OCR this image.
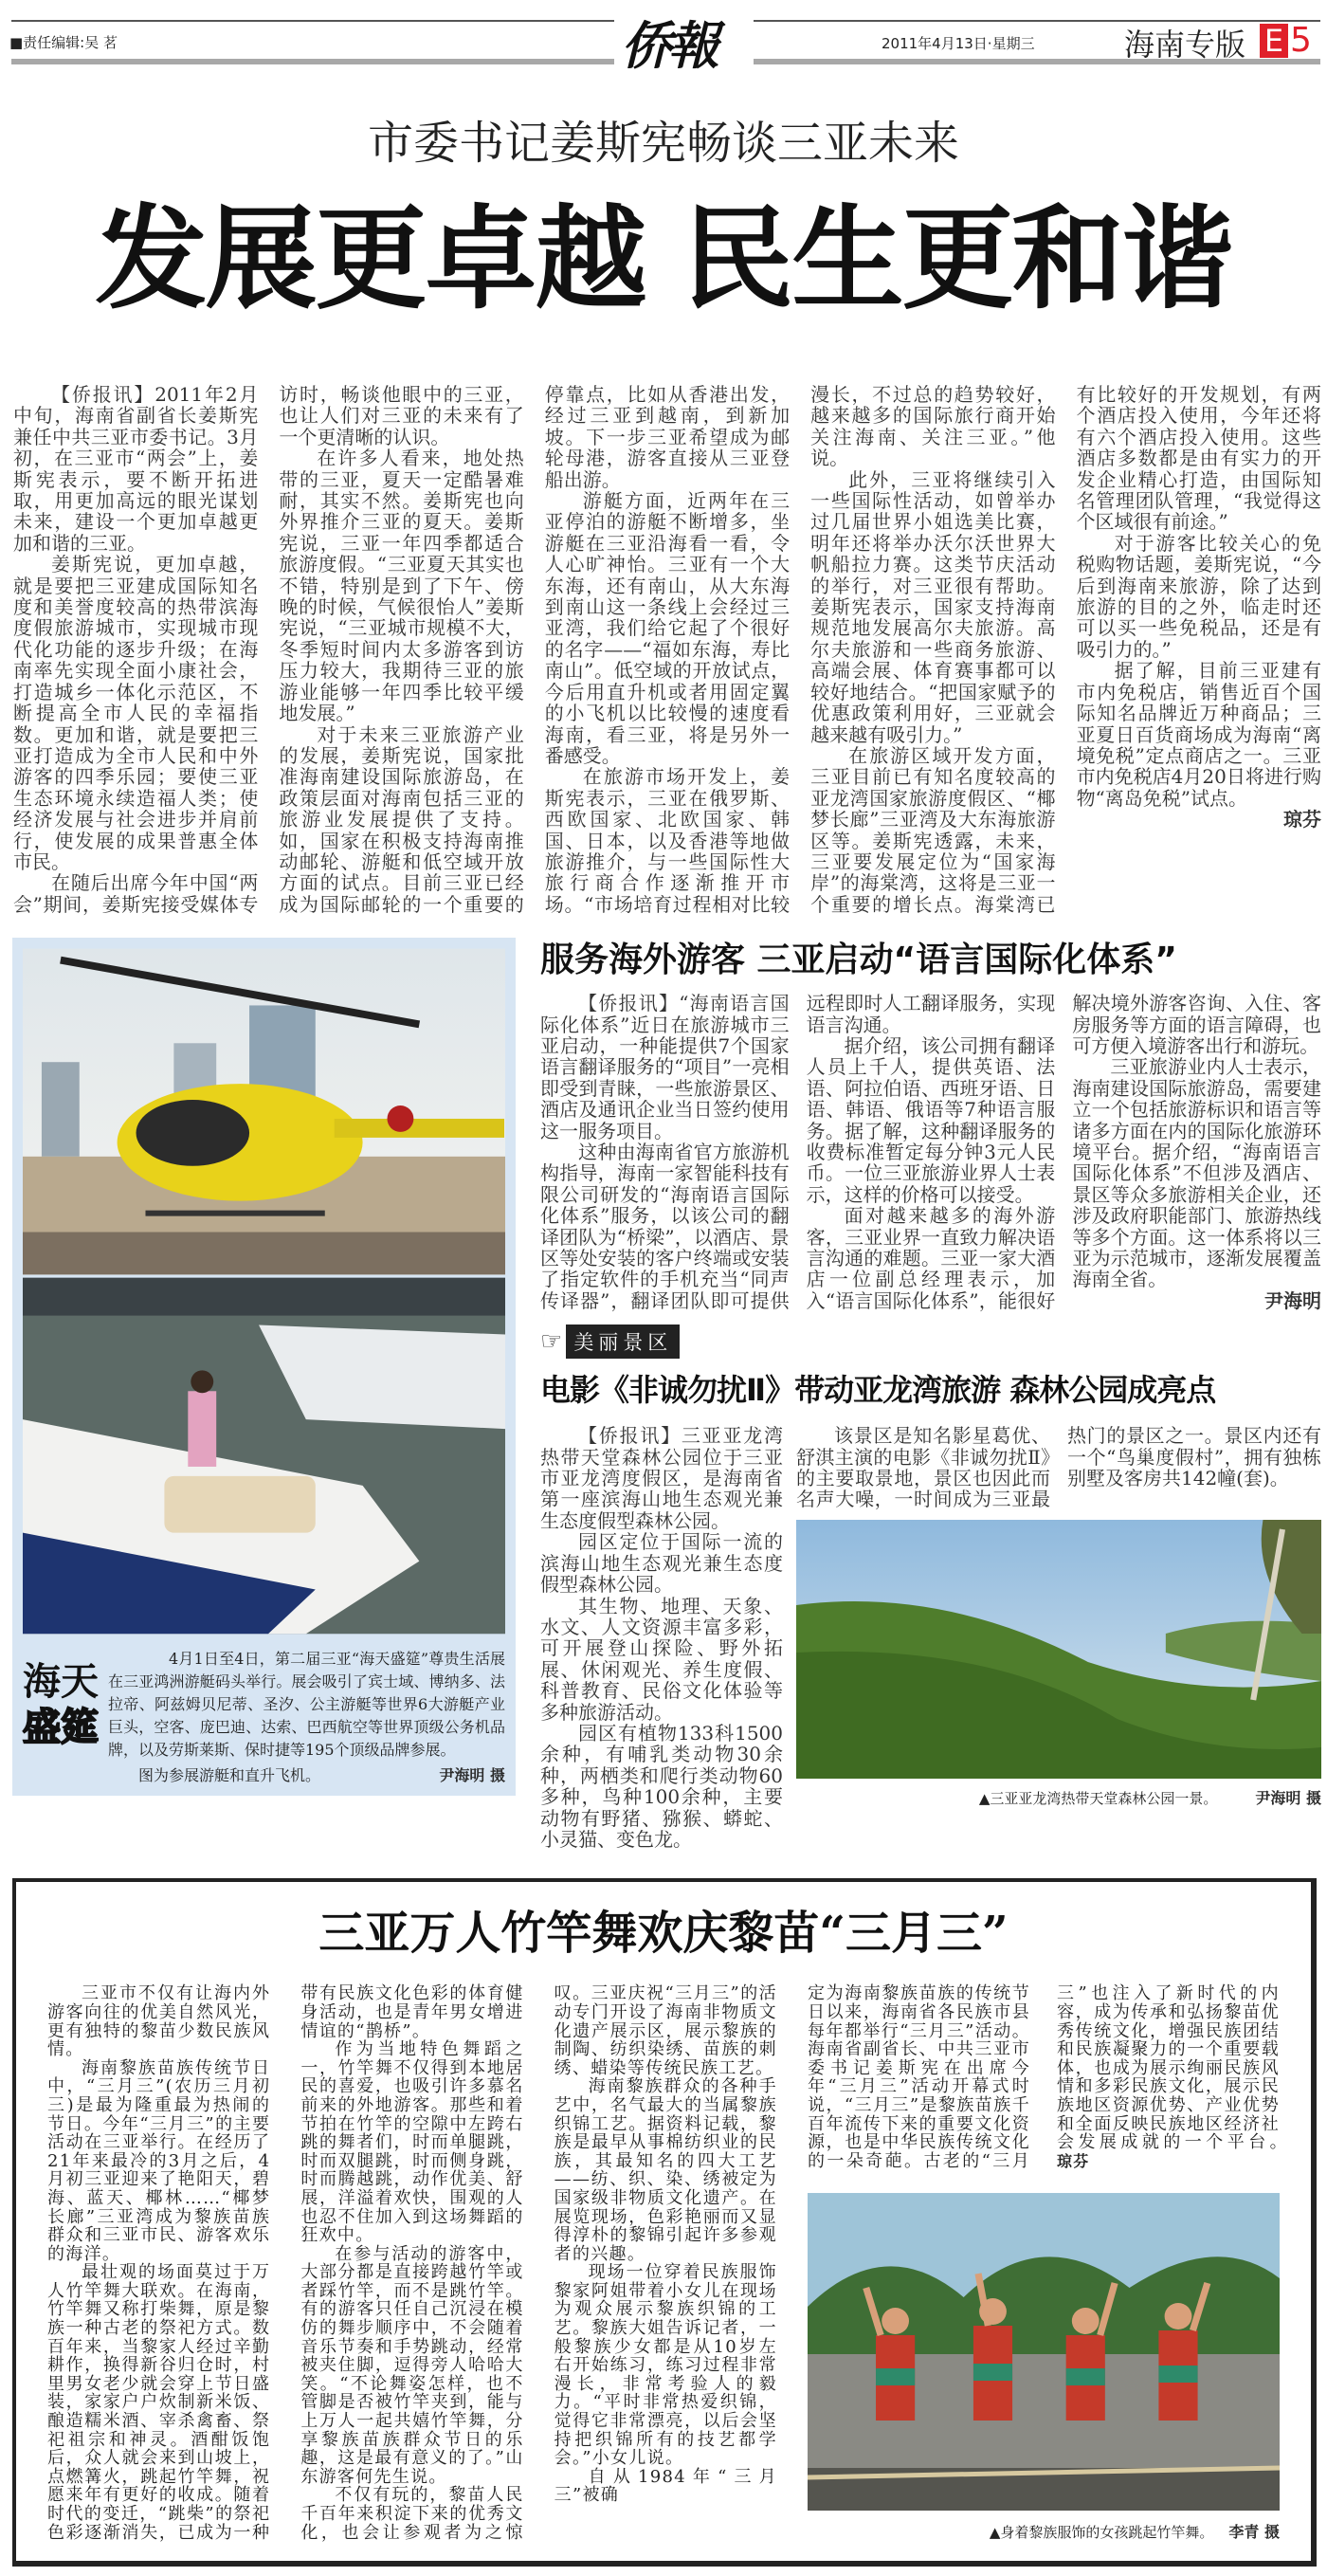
■责任编辑:吴 茗	侨報	2011年4月13日·星期三	海南专版 E 5
市委书记姜斯宪畅谈三亚未来
发展更卓越 民生更和谐

【侨报讯】2011年2月中旬，海南省副省长姜斯宪兼任中共三亚市委书记。3月初，在三亚市“两会”上，姜斯宪表示，要不断开拓进取，用更加高远的眼光谋划未来，建设一个更加卓越更加和谐的三亚。

姜斯宪说，更加卓越，就是要把三亚建成国际知名度和美誉度较高的热带滨海度假旅游城市，实现城市现代化功能的逐步升级；在海南率先实现全面小康社会，打造城乡一体化示范区，不断提高全市人民的幸福指数。更加和谐，就是要把三亚打造成为全市人民和中外游客的四季乐园；要使三亚生态环境永续造福人类；使经济发展与社会进步并肩前行，使发展的成果普惠全体市民。

在随后出席今年中国“两会”期间，姜斯宪接受媒体专访时，畅谈他眼中的三亚，也让人们对三亚的未来有了一个更清晰的认识。

在许多人看来，地处热带的三亚，夏天一定酷暑难耐，其实不然。姜斯宪也向外界推介三亚的夏天。姜斯宪说，三亚一年四季都适合旅游度假。“三亚夏天其实也不错，特别是到了下午、傍晚的时候，气候很怡人”姜斯宪说，“三亚城市规模不大，冬季短时间内太多游客到访压力较大，我期待三亚的旅游业能够一年四季比较平缓地发展。”

对于未来三亚旅游产业的发展，姜斯宪说，国家批准海南建设国际旅游岛，在政策层面对海南包括三亚的旅游业发展提供了支持。如，国家在积极支持海南推动邮轮、游艇和低空域开放方面的试点。目前三亚已经成为国际邮轮的一个重要的停靠点，比如从香港出发，经过三亚到越南，到新加坡。下一步三亚希望成为邮轮母港，游客直接从三亚登船出游。

游艇方面，近两年在三亚停泊的游艇不断增多，坐游艇在三亚沿海看一看，令人心旷神怡。三亚有一个大东海，还有南山，从大东海到南山这一条线上会经过三亚湾，我们给它起了个很好的名字——“福如东海，寿比南山”。低空域的开放试点，今后用直升机或者用固定翼的小飞机以比较慢的速度看海南，看三亚，将是另外一番感受。

在旅游市场开发上，姜斯宪表示，三亚在俄罗斯、西欧国家、北欧国家、韩国、日本，以及香港等地做旅游推介，与一些国际性大旅行商合作逐渐推开市场。“市场培育过程相对比较漫长，不过总的趋势较好，越来越多的国际旅行商开始关注海南、关注三亚。”他说。

此外，三亚将继续引入一些国际性活动，如曾举办过几届世界小姐选美比赛，明年还将举办沃尔沃世界大帆船拉力赛。这类节庆活动的举行，对三亚很有帮助。姜斯宪表示，国家支持海南规范地发展高尔夫旅游。高尔夫旅游和一些商务旅游、高端会展、体育赛事都可以较好地结合。“把国家赋予的优惠政策利用好，三亚就会越来越有吸引力。”

在旅游区域开发方面，三亚目前已有知名度较高的亚龙湾国家旅游度假区、“椰梦长廊”三亚湾及大东海旅游区等。姜斯宪透露，未来，三亚要发展定位为“国家海岸”的海棠湾，这将是三亚一个重要的增长点。海棠湾已有比较好的开发规划，有两个酒店投入使用，今年还将有六个酒店投入使用。这些酒店多数都是由有实力的开发企业精心打造，由国际知名管理团队管理，“我觉得这个区域很有前途。”

对于游客比较关心的免税购物话题，姜斯宪说，“今后到海南来旅游，除了达到旅游的目的之外，临走时还可以买一些免税品，还是有吸引力的。”

据了解，目前三亚建有市内免税店，销售近百个国际知名品牌近万种商品；三亚夏日百货商场成为海南“离境免税”定点商店之一。三亚市内免税店4月20日将进行购物“离岛免税”试点。

琼芬

海天
盛筵
4月1日至4日，第二届三亚“海天盛筵”尊贵生活展在三亚鸿洲游艇码头举行。展会吸引了宾士域、博纳多、法拉帝、阿兹姆贝尼蒂、圣汐、公主游艇等世界6大游艇产业巨头，空客、庞巴迪、达索、巴西航空等世界顶级公务机品牌，以及劳斯莱斯、保时捷等195个顶级品牌参展。
图为参展游艇和直升飞机。	尹海明 摄
服务海外游客 三亚启动“语言国际化体系”

【侨报讯】“海南语言国际化体系”近日在旅游城市三亚启动，一种能提供7个国家语言翻译服务的“项目”一亮相即受到青睐，一些旅游景区、酒店及通讯企业当日签约使用这一服务项目。

这种由海南省官方旅游机构指导，海南一家智能科技有限公司研发的“海南语言国际化体系”服务，以该公司的翻译团队为“桥梁”，以酒店、景区等处安装的客户终端或安装了指定软件的手机充当“同声传译器”，翻译团队即可提供远程即时人工翻译服务，实现语言沟通。

据介绍，该公司拥有翻译人员上千人，提供英语、法语、阿拉伯语、西班牙语、日语、韩语、俄语等7种语言服务。据了解，这种翻译服务的收费标准暂定每分钟3元人民币。一位三亚旅游业界人士表示，这样的价格可以接受。

面对越来越多的海外游客，三亚业界一直致力解决语言沟通的难题。三亚一家大酒店一位副总经理表示，加入“语言国际化体系”，能很好解决境外游客咨询、入住、客房服务等方面的语言障碍，也可方便入境游客出行和游玩。

三亚旅游业内人士表示，海南建设国际旅游岛，需要建立一个包括旅游标识和语言等诸多方面在内的国际化旅游环境平台。据介绍，“海南语言国际化体系”不但涉及酒店、景区等众多旅游相关企业，还涉及政府职能部门、旅游热线等多个方面。这一体系将以三亚为示范城市，逐渐发展覆盖海南全省。

尹海明

☞ 美丽景区
电影《非诚勿扰Ⅱ》带动亚龙湾旅游 森林公园成亮点

【侨报讯】三亚亚龙湾热带天堂森林公园位于三亚市亚龙湾度假区，是海南省第一座滨海山地生态观光兼生态度假型森林公园。

园区定位于国际一流的滨海山地生态观光兼生态度假型森林公园。

其生物、地理、天象、水文、人文资源丰富多彩，可开展登山探险、野外拓展、休闲观光、养生度假、科普教育、民俗文化体验等多种旅游活动。

园区有植物133科1500余种，有哺乳类动物30余种，两栖类和爬行类动物60多种，鸟种100余种，主要动物有野猪、猕猴、蟒蛇、小灵猫、变色龙。

该景区是知名影星葛优、舒淇主演的电影《非诚勿扰Ⅱ》的主要取景地，景区也因此而名声大噪，一时间成为三亚最热门的景区之一。景区内还有一个“鸟巢度假村”，拥有独栋别墅及客房共142幢(套)。

▲三亚亚龙湾热带天堂森林公园一景。	尹海明 摄
三亚万人竹竿舞欢庆黎苗“三月三”

三亚市不仅有让海内外游客向往的优美自然风光，更有独特的黎苗少数民族风情。

海南黎族苗族传统节日中，“三月三”(农历三月初三)是最为隆重最为热闹的节日。今年“三月三”的主要活动在三亚举行。在经历了21年来最冷的3月之后，4月初三亚迎来了艳阳天，碧海、蓝天、椰林……“椰梦长廊”三亚湾成为黎族苗族群众和三亚市民、游客欢乐的海洋。

最壮观的场面莫过于万人竹竿舞大联欢。在海南，竹竿舞又称打柴舞，原是黎族一种古老的祭祀方式。数百年来，当黎家人经过辛勤耕作，换得新谷归仓时，村里男女老少就会穿上节日盛装，家家户户炊制新米饭、酿造糯米酒、宰杀禽畜、祭祀祖宗和神灵。酒酣饭饱后，众人就会来到山坡上，点燃篝火，跳起竹竿舞，祝愿来年有更好的收成。随着时代的变迁，“跳柴”的祭祀色彩逐渐消失，已成为一种带有民族文化色彩的体育健身活动，也是青年男女增进情谊的“鹊桥”。

作为当地特色舞蹈之一，竹竿舞不仅得到本地居民的喜爱，也吸引许多慕名前来的外地游客。那些和着节拍在竹竿的空隙中左跨右跳的舞者们，时而单腿跳，时而双腿跳，时而侧身跳，时而腾越跳，动作优美、舒展，洋溢着欢快，围观的人也忍不住加入到这场舞蹈的狂欢中。

在参与活动的游客中，大部分都是直接跨越竹竿或者踩竹竿，而不是跳竹竿。有的游客只任自己沉浸在模仿的舞步顺序中，不会随着音乐节奏和手势跳动，经常被夹住脚，逗得旁人哈哈大笑。“不论舞姿怎样，也不管脚是否被竹竿夹到，能与上万人一起共嬉竹竿舞，分享黎族苗族群众节日的乐趣，这是最有意义的了。”山东游客何先生说。

不仅有玩的，黎苗人民千百年来积淀下来的优秀文化，也会让参观者为之惊叹。三亚庆祝“三月三”的活动专门开设了海南非物质文化遗产展示区，展示黎族的制陶、纺织染绣、苗族的刺绣、蜡染等传统民族工艺。

海南黎族群众的各种手艺中，名气最大的当属黎族织锦工艺。据资料记载，黎族是最早从事棉纺织业的民族，其最知名的四大工艺——纺、织、染、绣被定为国家级非物质文化遗产。在展览现场，色彩艳丽而又显得淳朴的黎锦引起许多参观者的兴趣。

现场一位穿着民族服饰黎家阿姐带着小女儿在现场为观众展示黎族织锦的工艺。黎族大姐告诉记者，一般黎族少女都是从10岁左右开始练习，练习过程非常漫长，非常考验人的毅力。“平时非常热爱织锦，觉得它非常漂亮，以后会坚持把织锦所有的技艺都学会。”小女儿说。

自从1984年“三月三”被确

定为海南黎族苗族的传统节日以来，海南省各民族市县每年都举行“三月三”活动。海南省副省长、中共三亚市委书记姜斯宪在出席今年“三月三”活动开幕式时说，“三月三”是黎族苗族千百年流传下来的重要文化资源，也是中华民族传统文化的一朵奇葩。古老的“三月三”也注入了新时代的内容，成为传承和弘扬黎苗优秀传统文化，增强民族团结和民族凝聚力的一个重要载体，也成为展示绚丽民族风情和多彩民族文化，展示民族地区资源优势、产业优势和全面反映民族地区经济社会发展成就的一个平台。　琼芬

▲身着黎族服饰的女孩跳起竹竿舞。 李青 摄
